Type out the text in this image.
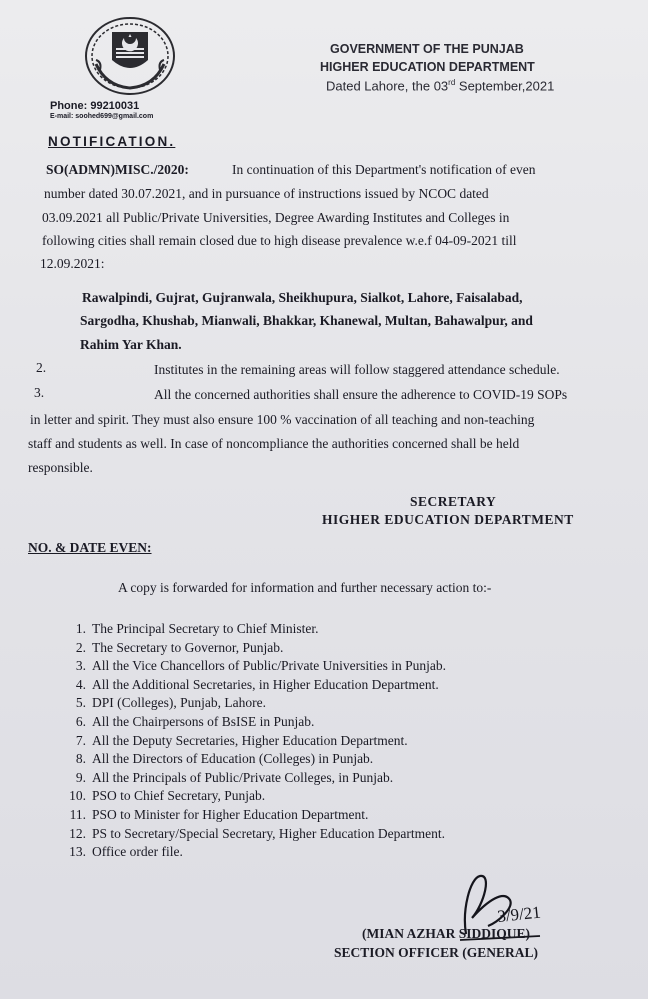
GOVERNMENT OF THE PUNJAB
HIGHER EDUCATION DEPARTMENT
Dated Lahore, the 03rd September,2021
Phone: 99210031
E-mail: soohed699@gmail.com
NOTIFICATION.
SO(ADMN)MISC./2020:	In continuation of this Department's notification of even
number dated 30.07.2021, and in pursuance of instructions issued by NCOC dated
03.09.2021 all Public/Private Universities, Degree Awarding Institutes and Colleges in
following cities shall remain closed due to high disease prevalence w.e.f 04-09-2021 till
12.09.2021:
Rawalpindi, Gujrat, Gujranwala, Sheikhupura, Sialkot, Lahore, Faisalabad,
Sargodha, Khushab, Mianwali, Bhakkar, Khanewal, Multan, Bahawalpur, and
Rahim Yar Khan.
2.	Institutes in the remaining areas will follow staggered attendance schedule.
3.	All the concerned authorities shall ensure the adherence to COVID-19 SOPs
in letter and spirit. They must also ensure 100 % vaccination of all teaching and non-teaching
staff and students as well. In case of noncompliance the authorities concerned shall be held
responsible.
SECRETARY
HIGHER EDUCATION DEPARTMENT
NO. & DATE EVEN:
A copy is forwarded for information and further necessary action to:-
1. The Principal Secretary to Chief Minister.
2. The Secretary to Governor, Punjab.
3. All the Vice Chancellors of Public/Private Universities in Punjab.
4. All the Additional Secretaries, in Higher Education Department.
5. DPI (Colleges), Punjab, Lahore.
6. All the Chairpersons of BsISE in Punjab.
7. All the Deputy Secretaries, Higher Education Department.
8. All the Directors of Education (Colleges) in Punjab.
9. All the Principals of Public/Private Colleges, in Punjab.
10. PSO to Chief Secretary, Punjab.
11. PSO to Minister for Higher Education Department.
12. PS to Secretary/Special Secretary, Higher Education Department.
13. Office order file.
3/9/21
(MIAN AZHAR SIDDIQUE)
SECTION OFFICER (GENERAL)
